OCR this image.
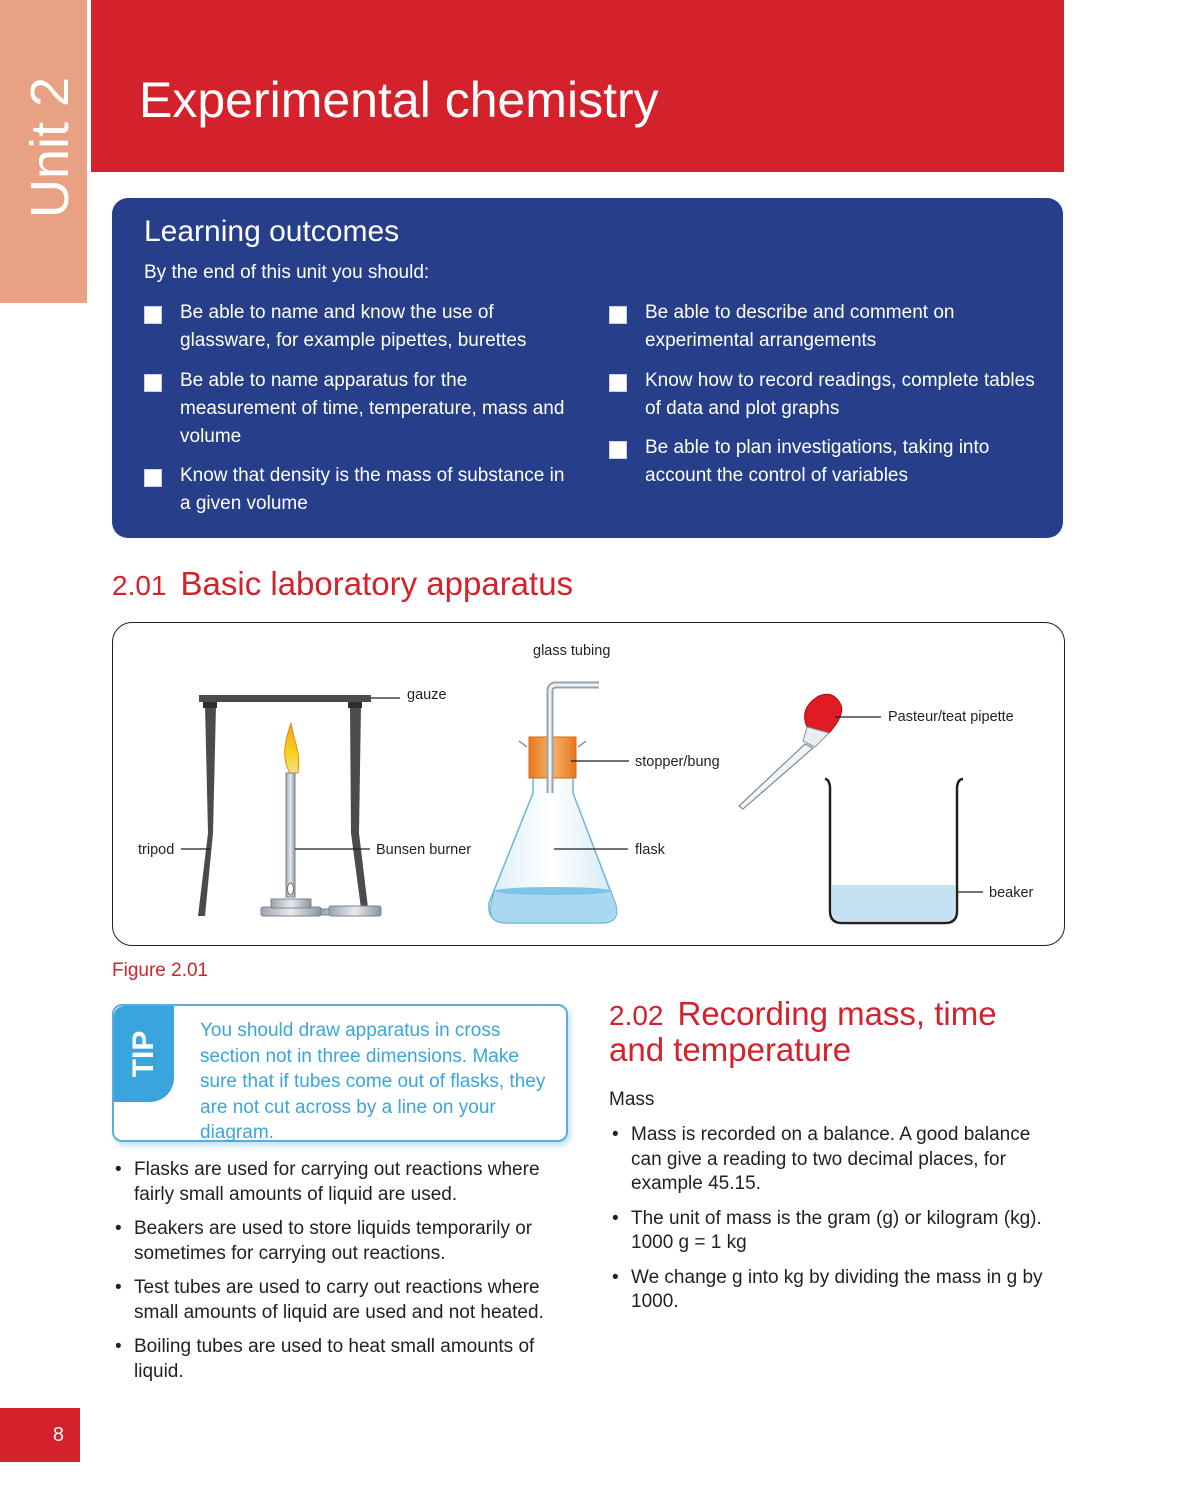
Unit 2 Experimental chemistry
Learning outcomes
By the end of this unit you should:
Be able to name and know the use of glassware, for example pipettes, burettes
Be able to name apparatus for the measurement of time, temperature, mass and volume
Know that density is the mass of substance in a given volume
Be able to describe and comment on experimental arrangements
Know how to record readings, complete tables of data and plot graphs
Be able to plan investigations, taking into account the control of variables
2.01 Basic laboratory apparatus
gauze
tripod	Bunsen burner
glass tubing
stopper/bung
flask
Pasteur/teat pipette
beaker
Figure 2.01
TIP
You should draw apparatus in cross section not in three dimensions. Make sure that if tubes come out of flasks, they are not cut across by a line on your diagram.
• Flasks are used for carrying out reactions where fairly small amounts of liquid are used.
• Beakers are used to store liquids temporarily or sometimes for carrying out reactions.
• Test tubes are used to carry out reactions where small amounts of liquid are used and not heated.
• Boiling tubes are used to heat small amounts of liquid.
2.02 Recording mass, time
and temperature
Mass
• Mass is recorded on a balance. A good balance can give a reading to two decimal places, for example 45.15.
• The unit of mass is the gram (g) or kilogram (kg). 1000 g = 1 kg
• We change g into kg by dividing the mass in g by 1000.
8
